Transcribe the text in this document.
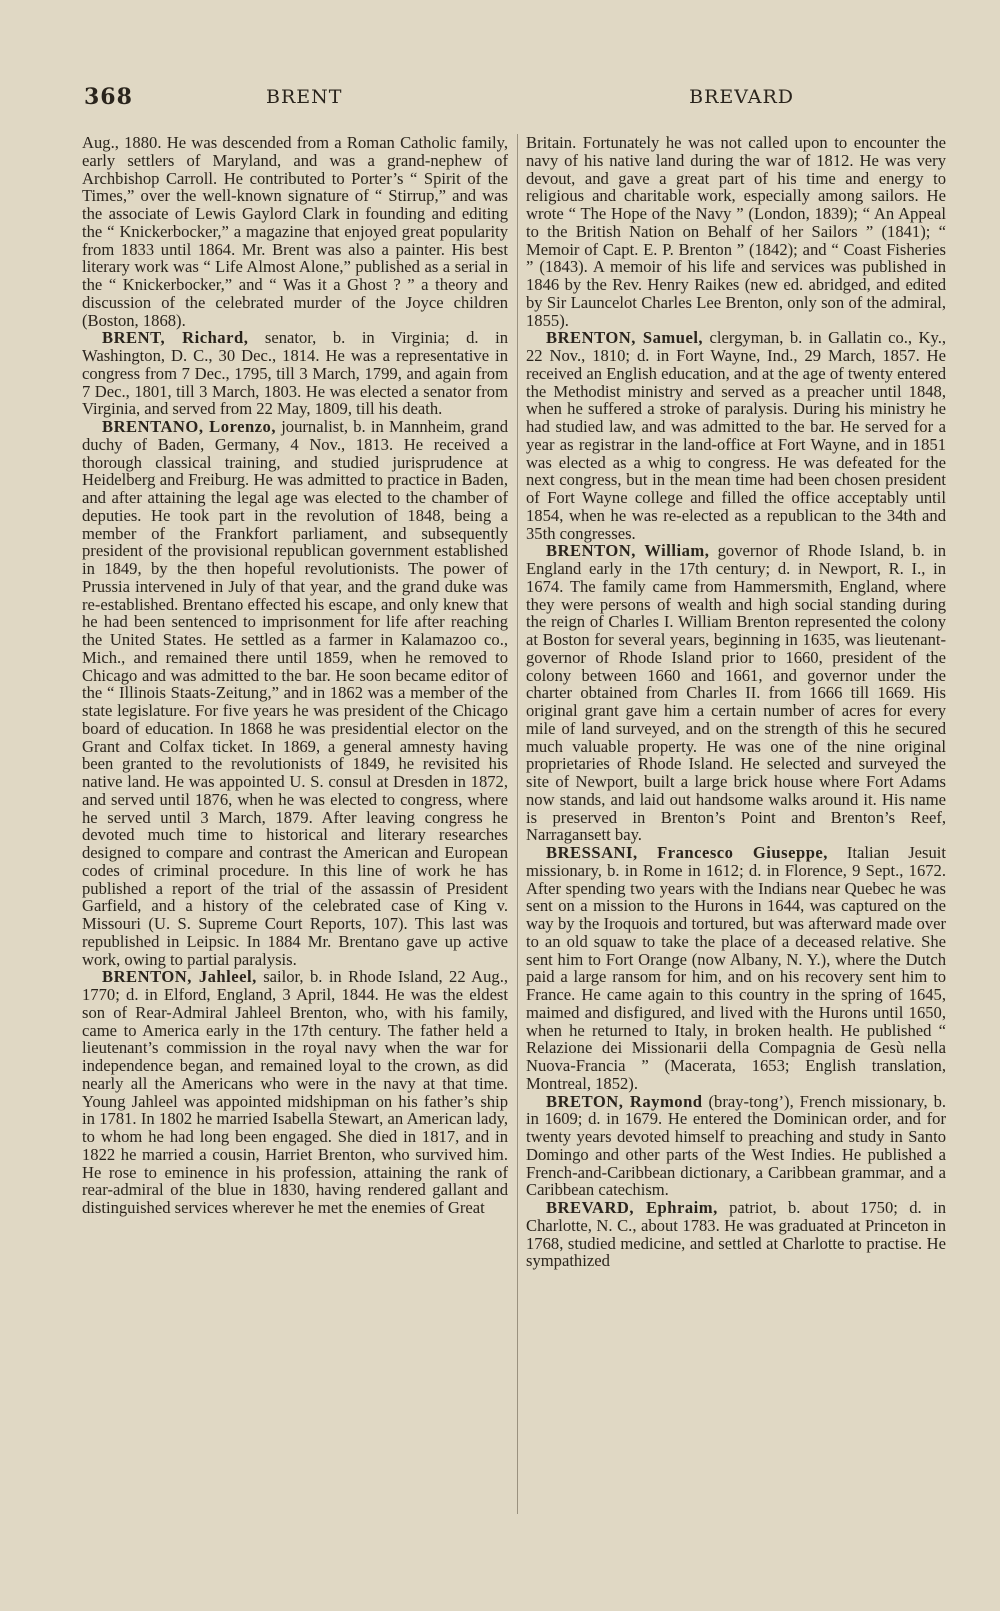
368	BRENT	BREVARD

Aug., 1880. He was descended from a Roman Catholic family, early settlers of Maryland, and was a grand-nephew of Archbishop Carroll. He contributed to Porter’s “ Spirit of the Times,” over the well-known signature of “ Stirrup,” and was the associate of Lewis Gaylord Clark in founding and editing the “ Knickerbocker,” a magazine that enjoyed great popularity from 1833 until 1864. Mr. Brent was also a painter. His best literary work was “ Life Almost Alone,” published as a serial in the “ Knickerbocker,” and “ Was it a Ghost ? ” a theory and discussion of the celebrated murder of the Joyce children (Boston, 1868).

BRENT, Richard, senator, b. in Virginia; d. in Washington, D. C., 30 Dec., 1814. He was a representative in congress from 7 Dec., 1795, till 3 March, 1799, and again from 7 Dec., 1801, till 3 March, 1803. He was elected a senator from Virginia, and served from 22 May, 1809, till his death.

BRENTANO, Lorenzo, journalist, b. in Mannheim, grand duchy of Baden, Germany, 4 Nov., 1813. He received a thorough classical training, and studied jurisprudence at Heidelberg and Freiburg. He was admitted to practice in Baden, and after attaining the legal age was elected to the chamber of deputies. He took part in the revolution of 1848, being a member of the Frankfort parliament, and subsequently president of the provisional republican government established in 1849, by the then hopeful revolutionists. The power of Prussia intervened in July of that year, and the grand duke was re-established. Brentano effected his escape, and only knew that he had been sentenced to imprisonment for life after reaching the United States. He settled as a farmer in Kalamazoo co., Mich., and remained there until 1859, when he removed to Chicago and was admitted to the bar. He soon became editor of the “ Illinois Staats-Zeitung,” and in 1862 was a member of the state legislature. For five years he was president of the Chicago board of education. In 1868 he was presidential elector on the Grant and Colfax ticket. In 1869, a general amnesty having been granted to the revolutionists of 1849, he revisited his native land. He was appointed U. S. consul at Dresden in 1872, and served until 1876, when he was elected to congress, where he served until 3 March, 1879. After leaving congress he devoted much time to historical and literary researches designed to compare and contrast the American and European codes of criminal procedure. In this line of work he has published a report of the trial of the assassin of President Garfield, and a history of the celebrated case of King v. Missouri (U. S. Supreme Court Reports, 107). This last was republished in Leipsic. In 1884 Mr. Brentano gave up active work, owing to partial paralysis.

BRENTON, Jahleel, sailor, b. in Rhode Island, 22 Aug., 1770; d. in Elford, England, 3 April, 1844. He was the eldest son of Rear-Admiral Jahleel Brenton, who, with his family, came to America early in the 17th century. The father held a lieutenant’s commission in the royal navy when the war for independence began, and remained loyal to the crown, as did nearly all the Americans who were in the navy at that time. Young Jahleel was appointed midshipman on his father’s ship in 1781. In 1802 he married Isabella Stewart, an American lady, to whom he had long been engaged. She died in 1817, and in 1822 he married a cousin, Harriet Brenton, who survived him. He rose to eminence in his profession, attaining the rank of rear-admiral of the blue in 1830, having rendered gallant and distinguished services wherever he met the enemies of Great

Britain. Fortunately he was not called upon to encounter the navy of his native land during the war of 1812. He was very devout, and gave a great part of his time and energy to religious and charitable work, especially among sailors. He wrote “ The Hope of the Navy ” (London, 1839); “ An Appeal to the British Nation on Behalf of her Sailors ” (1841); “ Memoir of Capt. E. P. Brenton ” (1842); and “ Coast Fisheries ” (1843). A memoir of his life and services was published in 1846 by the Rev. Henry Raikes (new ed. abridged, and edited by Sir Launcelot Charles Lee Brenton, only son of the admiral, 1855).

BRENTON, Samuel, clergyman, b. in Gallatin co., Ky., 22 Nov., 1810; d. in Fort Wayne, Ind., 29 March, 1857. He received an English education, and at the age of twenty entered the Methodist ministry and served as a preacher until 1848, when he suffered a stroke of paralysis. During his ministry he had studied law, and was admitted to the bar. He served for a year as registrar in the land-office at Fort Wayne, and in 1851 was elected as a whig to congress. He was defeated for the next congress, but in the mean time had been chosen president of Fort Wayne college and filled the office acceptably until 1854, when he was re-elected as a republican to the 34th and 35th congresses.

BRENTON, William, governor of Rhode Island, b. in England early in the 17th century; d. in Newport, R. I., in 1674. The family came from Hammersmith, England, where they were persons of wealth and high social standing during the reign of Charles I. William Brenton represented the colony at Boston for several years, beginning in 1635, was lieutenant-governor of Rhode Island prior to 1660, president of the colony between 1660 and 1661, and governor under the charter obtained from Charles II. from 1666 till 1669. His original grant gave him a certain number of acres for every mile of land surveyed, and on the strength of this he secured much valuable property. He was one of the nine original proprietaries of Rhode Island. He selected and surveyed the site of Newport, built a large brick house where Fort Adams now stands, and laid out handsome walks around it. His name is preserved in Brenton’s Point and Brenton’s Reef, Narragansett bay.

BRESSANI, Francesco Giuseppe, Italian Jesuit missionary, b. in Rome in 1612; d. in Florence, 9 Sept., 1672. After spending two years with the Indians near Quebec he was sent on a mission to the Hurons in 1644, was captured on the way by the Iroquois and tortured, but was afterward made over to an old squaw to take the place of a deceased relative. She sent him to Fort Orange (now Albany, N. Y.), where the Dutch paid a large ransom for him, and on his recovery sent him to France. He came again to this country in the spring of 1645, maimed and disfigured, and lived with the Hurons until 1650, when he returned to Italy, in broken health. He published “ Relazione dei Missionarii della Compagnia de Gesù nella Nuova-Francia ” (Macerata, 1653; English translation, Montreal, 1852).

BRETON, Raymond (bray-tong’), French missionary, b. in 1609; d. in 1679. He entered the Dominican order, and for twenty years devoted himself to preaching and study in Santo Domingo and other parts of the West Indies. He published a French-and-Caribbean dictionary, a Caribbean grammar, and a Caribbean catechism.

BREVARD, Ephraim, patriot, b. about 1750; d. in Charlotte, N. C., about 1783. He was graduated at Princeton in 1768, studied medicine, and settled at Charlotte to practise. He sympathized
